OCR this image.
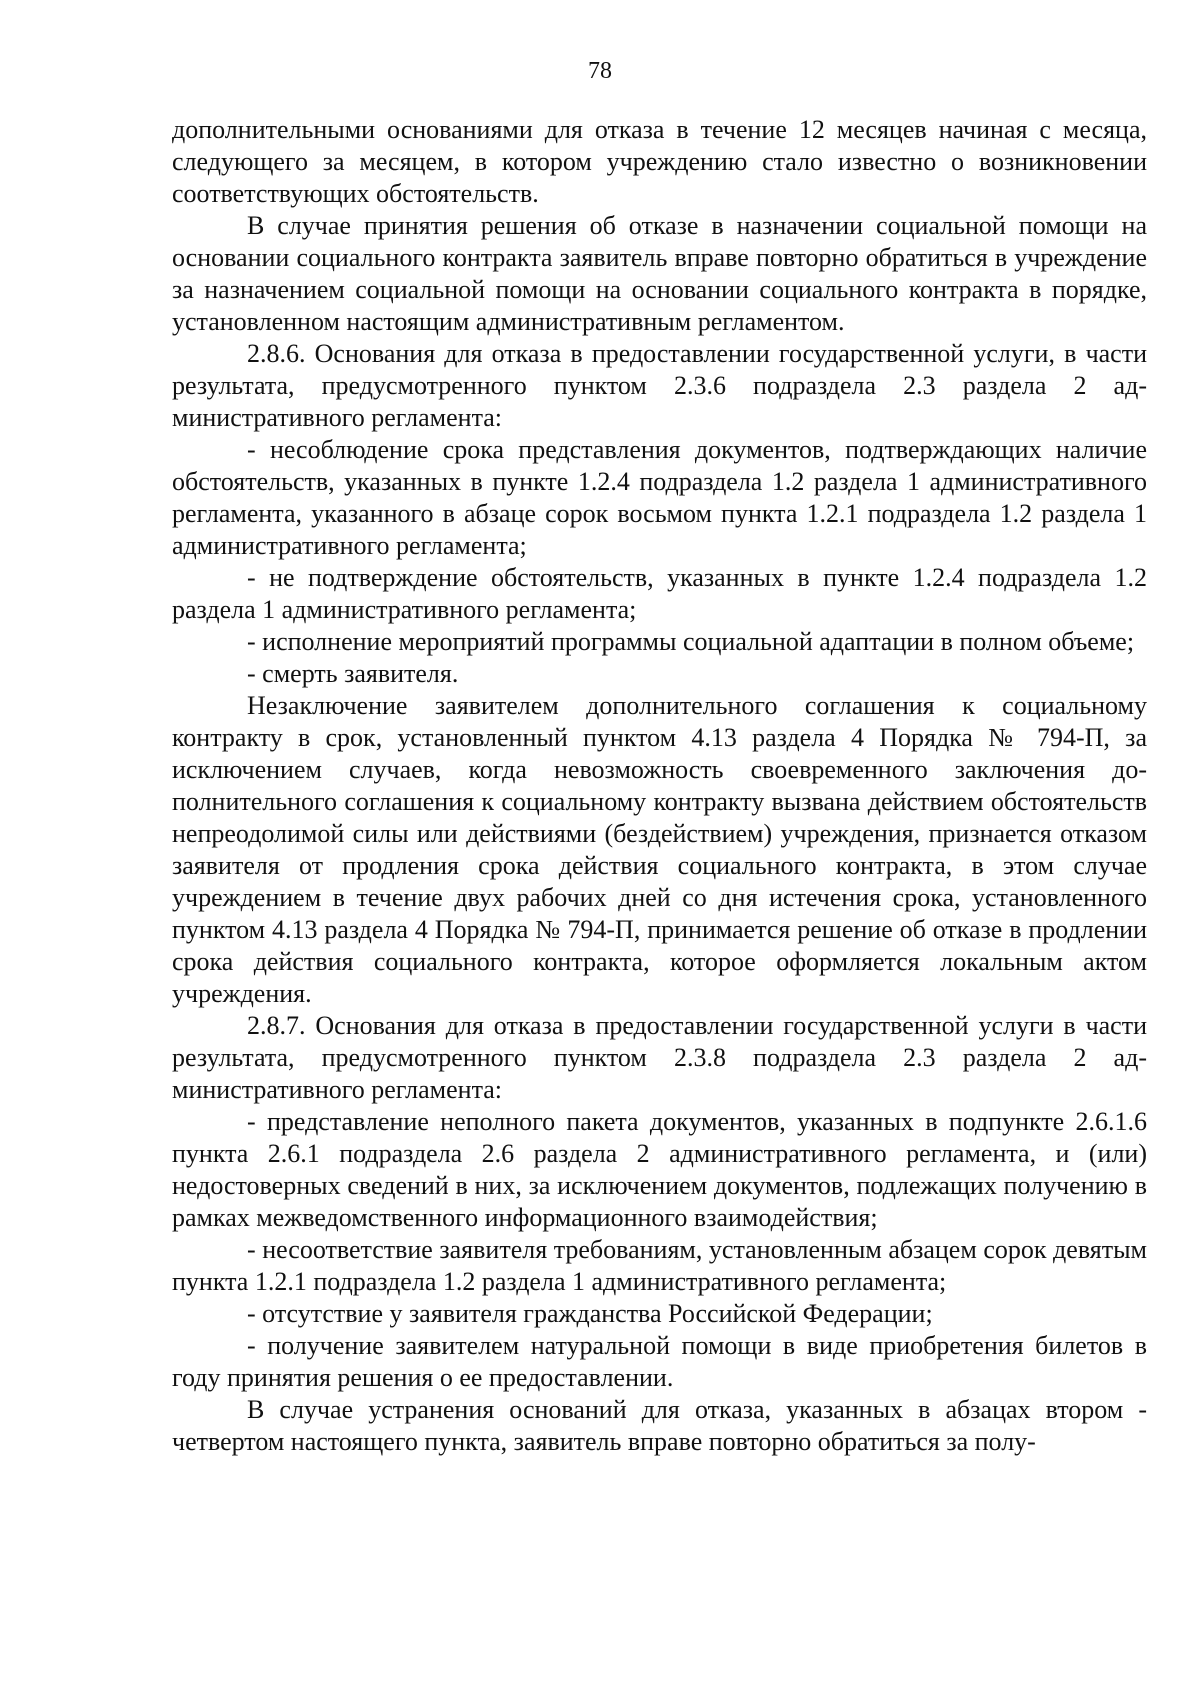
78

дополнительными основаниями для отказа в течение 12 месяцев начиная с месяца, следующего за месяцем, в котором учреждению стало известно о возникновении соответствующих обстоятельств.

В случае принятия решения об отказе в назначении социальной помощи на основании социального контракта заявитель вправе повторно обратиться в учреждение за назначением социальной помощи на основании социального контракта в порядке, установленном настоящим административным регламентом.

2.8.6. Основания для отказа в предоставлении государственной услуги, в части результата, предусмотренного пунктом 2.3.6 подраздела 2.3 раздела 2 административного регламента:

- несоблюдение срока представления документов, подтверждающих наличие обстоятельств, указанных в пункте 1.2.4 подраздела 1.2 раздела 1 административного регламента, указанного в абзаце сорок восьмом пункта 1.2.1 подраздела 1.2 раздела 1 административного регламента;

- не подтверждение обстоятельств, указанных в пункте 1.2.4 подраздела 1.2 раздела 1 административного регламента;

- исполнение мероприятий программы социальной адаптации в полном объеме;

- смерть заявителя.

Незаключение заявителем дополнительного соглашения к социальному контракту в срок, установленный пунктом 4.13 раздела 4 Порядка № 794-П, за исключением случаев, когда невозможность своевременного заключения дополнительного соглашения к социальному контракту вызвана действием обстоятельств непреодолимой силы или действиями (бездействием) учреждения, признается отказом заявителя от продления срока действия социального контракта, в этом случае учреждением в течение двух рабочих дней со дня истечения срока, установленного пунктом 4.13 раздела 4 Порядка № 794-П, принимается решение об отказе в продлении срока действия социального контракта, которое оформляется локальным актом учреждения.

2.8.7. Основания для отказа в предоставлении государственной услуги в части результата, предусмотренного пунктом 2.3.8 подраздела 2.3 раздела 2 административного регламента:

- представление неполного пакета документов, указанных в подпункте 2.6.1.6 пункта 2.6.1 подраздела 2.6 раздела 2 административного регламента, и (или) недостоверных сведений в них, за исключением документов, подлежащих получению в рамках межведомственного информационного взаимодействия;

- несоответствие заявителя требованиям, установленным абзацем сорок девятым пункта 1.2.1 подраздела 1.2 раздела 1 административного регламента;

- отсутствие у заявителя гражданства Российской Федерации;

- получение заявителем натуральной помощи в виде приобретения билетов в году принятия решения о ее предоставлении.

В случае устранения оснований для отказа, указанных в абзацах втором - четвертом настоящего пункта, заявитель вправе повторно обратиться за полу-
